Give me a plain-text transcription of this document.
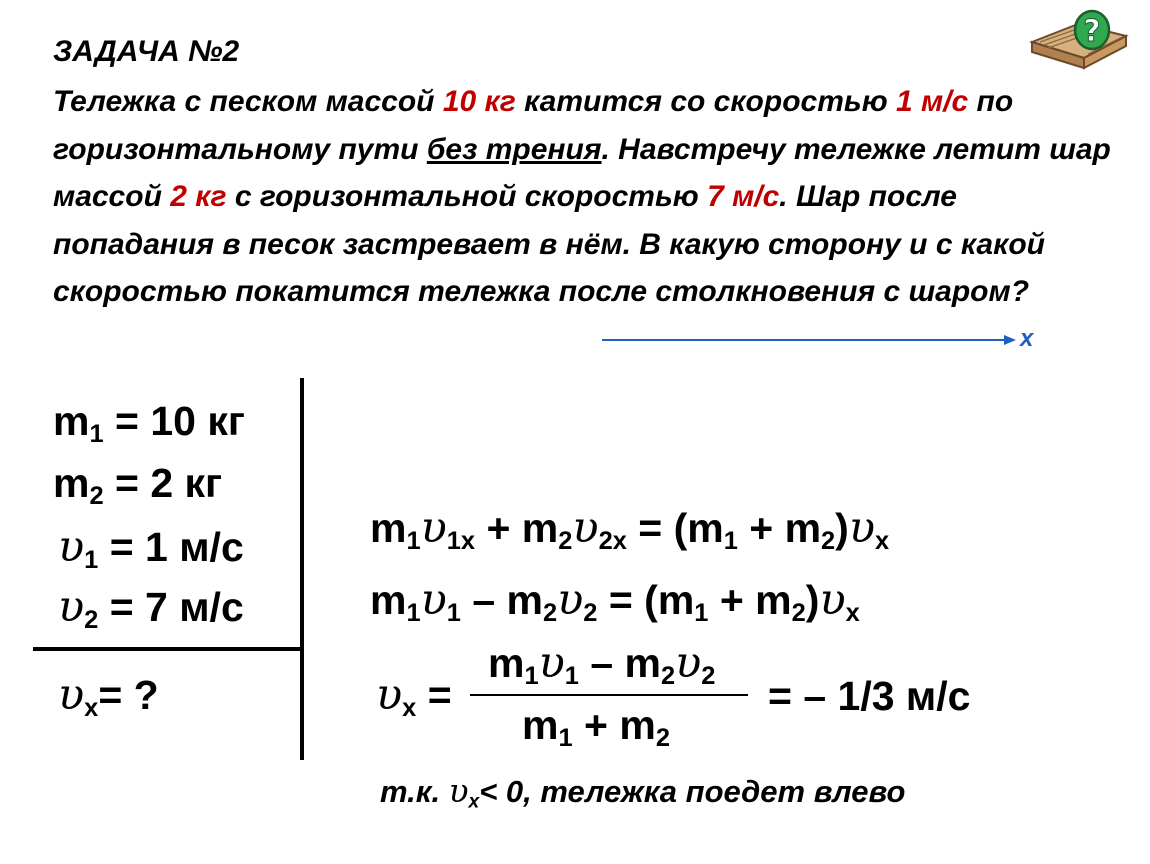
?
ЗАДАЧА №2
Тележка с песком массой 10 кг катится со скоростью 1 м/с по горизонтальному пути без трения. Навстречу тележке летит шар массой 2 кг с горизонтальной скоростью 7 м/с. Шар после попадания в песок застревает в нём. В какую сторону и с какой скоростью покатится тележка после столкновения с шаром?
x
$m_1 = 10$ кг
$m_2 = 2$ кг
𝜐$_1$ = 1 м/с
𝜐$_2$ = 7 м/с
𝜐$_x$= ?
$m_1𝜐_{1x}$ + $m_2𝜐_{2x} = (m_1$ + $m_2)𝜐_x$
$m_1𝜐_1$ – $m_2𝜐_2 = (m_1$ + $m_2)𝜐_x$
𝜐$_x$ =
$m_1𝜐_1$ – $m_2𝜐_2$
$m_1 + m_2$
= – 1/3 м/с
т.к. 𝜐$_x$< 0, тележка поедет влево
